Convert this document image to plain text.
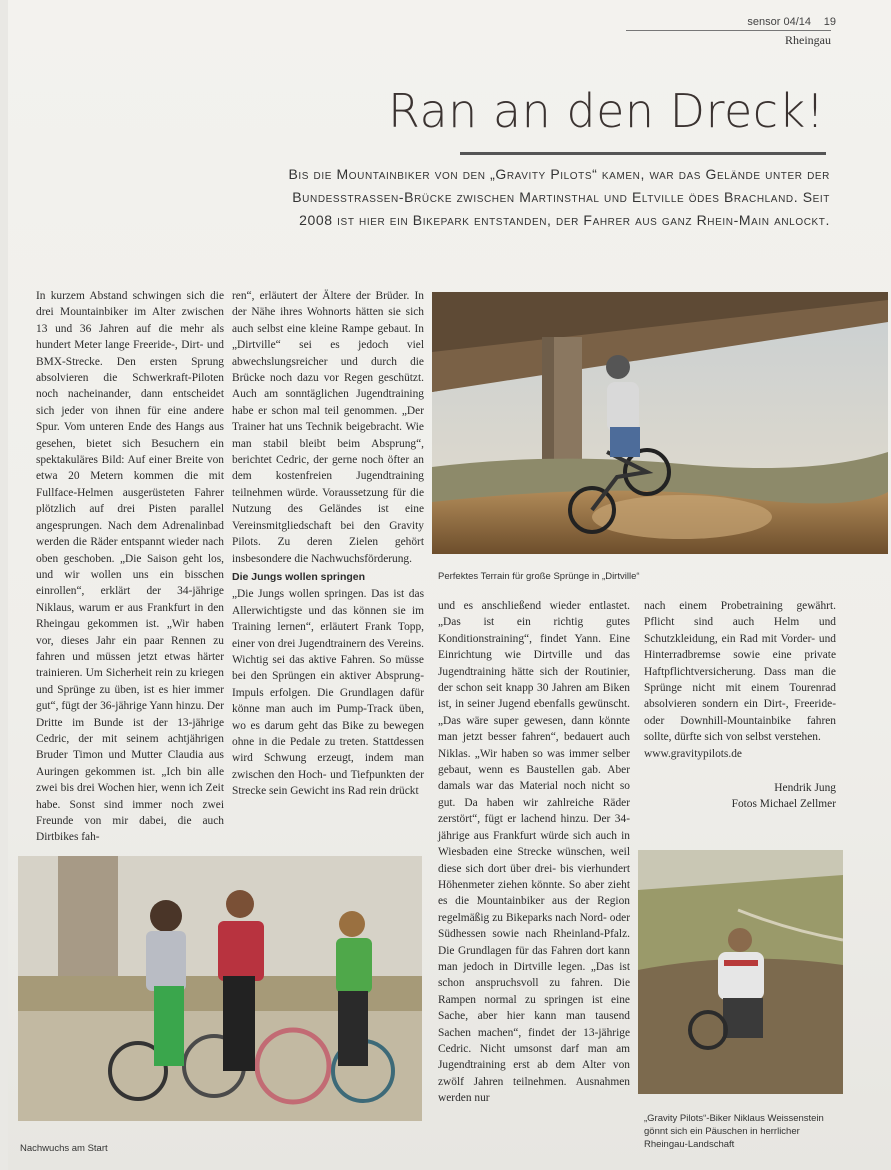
sensor 04/14 19
Rheingau
Ran an den Dreck!
Bis die Mountainbiker von den „Gravity Pilots“ kamen, war das Gelände unter der Bundesstrassen-Brücke zwischen Martinsthal und Eltville ödes Brachland. Seit 2008 ist hier ein Bikepark entstanden, der Fahrer aus ganz Rhein-Main anlockt.

In kurzem Abstand schwingen sich die drei Mountainbiker im Alter zwischen 13 und 36 Jahren auf die mehr als hundert Meter lange Freeride-, Dirt- und BMX-Strecke. Den ersten Sprung absolvieren die Schwerkraft-Piloten noch nacheinander, dann entscheidet sich jeder von ihnen für eine andere Spur. Vom unteren Ende des Hangs aus gesehen, bietet sich Besuchern ein spektakuläres Bild: Auf einer Breite von etwa 20 Metern kommen die mit Fullface-Helmen ausgerüsteten Fahrer plötzlich auf drei Pisten parallel angesprungen. Nach dem Adrenalinbad werden die Räder entspannt wieder nach oben geschoben. „Die Saison geht los, und wir wollen uns ein bisschen einrollen“, erklärt der 34-jährige Niklaus, warum er aus Frankfurt in den Rheingau gekommen ist. „Wir haben vor, dieses Jahr ein paar Rennen zu fahren und müssen jetzt etwas härter trainieren. Um Sicherheit rein zu kriegen und Sprünge zu üben, ist es hier immer gut“, fügt der 36-jährige Yann hinzu. Der Dritte im Bunde ist der 13-jährige Cedric, der mit seinem achtjährigen Bruder Timon und Mutter Claudia aus Auringen gekommen ist. „Ich bin alle zwei bis drei Wochen hier, wenn ich Zeit habe. Sonst sind immer noch zwei Freunde von mir dabei, die auch Dirtbikes fah-

ren“, erläutert der Ältere der Brüder. In der Nähe ihres Wohnorts hätten sie sich auch selbst eine kleine Rampe gebaut. In „Dirtville“ sei es jedoch viel abwechslungsreicher und durch die Brücke noch dazu vor Regen geschützt. Auch am sonntäglichen Jugendtraining habe er schon mal teil genommen. „Der Trainer hat uns Technik beigebracht. Wie man stabil bleibt beim Absprung“, berichtet Cedric, der gerne noch öfter an dem kostenfreien Jugendtraining teilnehmen würde. Voraussetzung für die Nutzung des Geländes ist eine Vereinsmitgliedschaft bei den Gravity Pilots. Zu deren Zielen gehört insbesondere die Nachwuchsförderung.

Die Jungs wollen springen

„Die Jungs wollen springen. Das ist das Allerwichtigste und das können sie im Training lernen“, erläutert Frank Topp, einer von drei Jugendtrainern des Vereins. Wichtig sei das aktive Fahren. So müsse bei den Sprüngen ein aktiver Absprung-Impuls erfolgen. Die Grundlagen dafür könne man auch im Pump-Track üben, wo es darum geht das Bike zu bewegen ohne in die Pedale zu treten. Stattdessen wird Schwung erzeugt, indem man zwischen den Hoch- und Tiefpunkten der Strecke sein Gewicht ins Rad rein drückt

Perfektes Terrain für große Sprünge in „Dirtville“

und es anschließend wieder entlastet. „Das ist ein richtig gutes Konditionstraining“, findet Yann. Eine Einrichtung wie Dirtville und das Jugendtraining hätte sich der Routinier, der schon seit knapp 30 Jahren am Biken ist, in seiner Jugend ebenfalls gewünscht. „Das wäre super gewesen, dann könnte man jetzt besser fahren“, bedauert auch Niklas. „Wir haben so was immer selber gebaut, wenn es Baustellen gab. Aber damals war das Material noch nicht so gut. Da haben wir zahlreiche Räder zerstört“, fügt er lachend hinzu. Der 34-jährige aus Frankfurt würde sich auch in Wiesbaden eine Strecke wünschen, weil diese sich dort über drei- bis vierhundert Höhenmeter ziehen könnte. So aber zieht es die Mountainbiker aus der Region regelmäßig zu Bikeparks nach Nord- oder Südhessen sowie nach Rheinland-Pfalz. Die Grundlagen für das Fahren dort kann man jedoch in Dirtville legen. „Das ist schon anspruchsvoll zu fahren. Die Rampen normal zu springen ist eine Sache, aber hier kann man tausend Sachen machen“, findet der 13-jährige Cedric. Nicht umsonst darf man am Jugendtraining erst ab dem Alter von zwölf Jahren teilnehmen. Ausnahmen werden nur

nach einem Probetraining gewährt. Pflicht sind auch Helm und Schutzkleidung, ein Rad mit Vorder- und Hinterradbremse sowie eine private Haftpflichtversicherung. Dass man die Sprünge nicht mit einem Tourenrad absolvieren sondern ein Dirt-, Freeride- oder Downhill-Mountainbike fahren sollte, dürfte sich von selbst verstehen.

www.gravitypilots.de

Hendrik Jung

Fotos Michael Zellmer

Nachwuchs am Start
„Gravity Pilots“-Biker Niklaus Weissenstein gönnt sich ein Päuschen in herrlicher Rheingau-Landschaft
